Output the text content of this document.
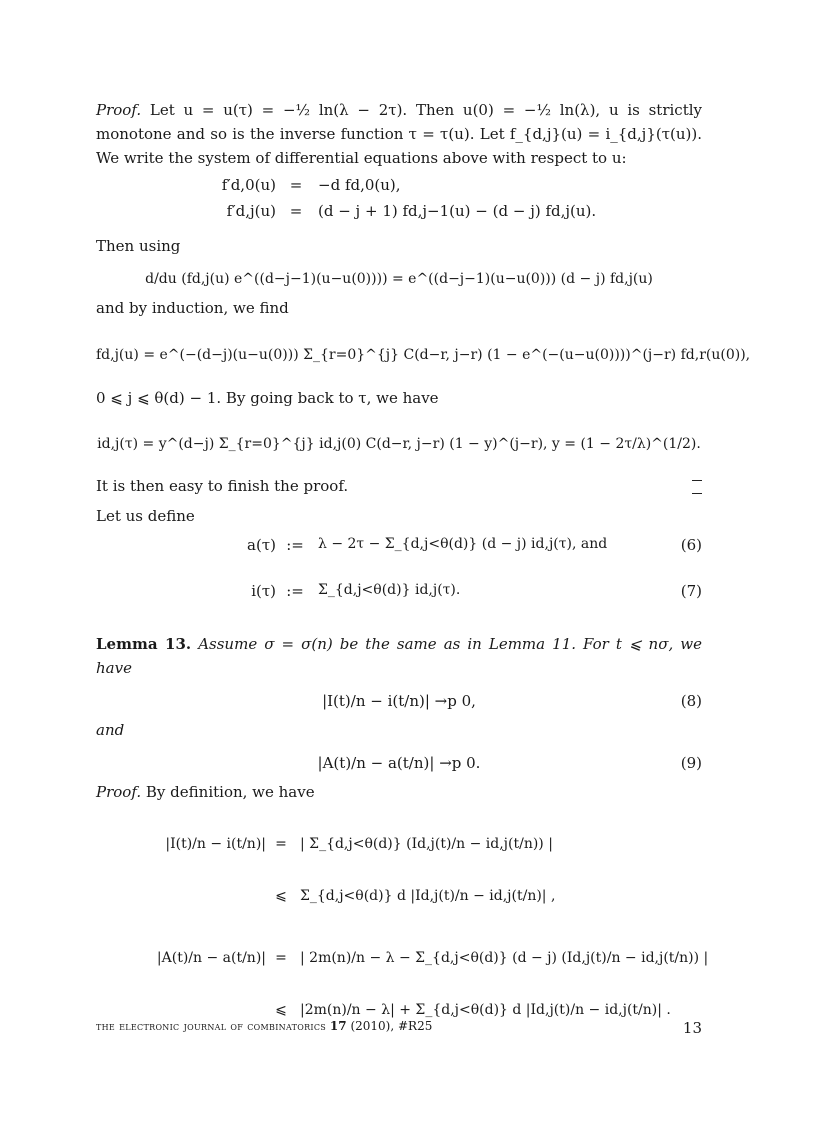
Proof. Let u = u(τ) = −½ ln(λ − 2τ). Then u(0) = −½ ln(λ), u is strictly monotone and so is the inverse function τ = τ(u). Let f_{d,j}(u) = i_{d,j}(τ(u)). We write the system of differential equations above with respect to u:

f′d,0(u) =	−d fd,0(u),
f′d,j(u) =	(d − j + 1) fd,j−1(u) − (d − j) fd,j(u).

Then using

d/du (fd,j(u) e^((d−j−1)(u−u(0)))) = e^((d−j−1)(u−u(0))) (d − j) fd,j(u)

and by induction, we find

fd,j(u) = e^(−(d−j)(u−u(0))) Σ_{r=0}^{j} C(d−r, j−r) (1 − e^(−(u−u(0))))^(j−r) fd,r(u(0)),

0 ⩽ j ⩽ θ(d) − 1. By going back to τ, we have

id,j(τ) = y^(d−j) Σ_{r=0}^{j} id,j(0) C(d−r, j−r) (1 − y)^(j−r), y = (1 − 2τ/λ)^(1/2).
It is then easy to finish the proof.

Let us define

a(τ) :=	λ − 2τ − Σ_{d,j<θ(d)} (d − j) id,j(τ), and	(6)
i(τ) :=	Σ_{d,j<θ(d)} id,j(τ).	(7)

Lemma 13. Assume σ = σ(n) be the same as in Lemma 11. For t ⩽ nσ, we have

|I(t)/n − i(t/n)| →p 0,	(8)

and

|A(t)/n − a(t/n)| →p 0.	(9)

Proof. By definition, we have

|I(t)/n − i(t/n)| = | Σ_{d,j<θ(d)} (Id,j(t)/n − id,j(t/n)) |
⩽ Σ_{d,j<θ(d)} d |Id,j(t)/n − id,j(t/n)| ,
|A(t)/n − a(t/n)| = | 2m(n)/n − λ − Σ_{d,j<θ(d)} (d − j) (Id,j(t)/n − id,j(t/n)) |
⩽ |2m(n)/n − λ| + Σ_{d,j<θ(d)} d |Id,j(t)/n − id,j(t/n)| .
the electronic journal of combinatorics 17 (2010), #R25	13
